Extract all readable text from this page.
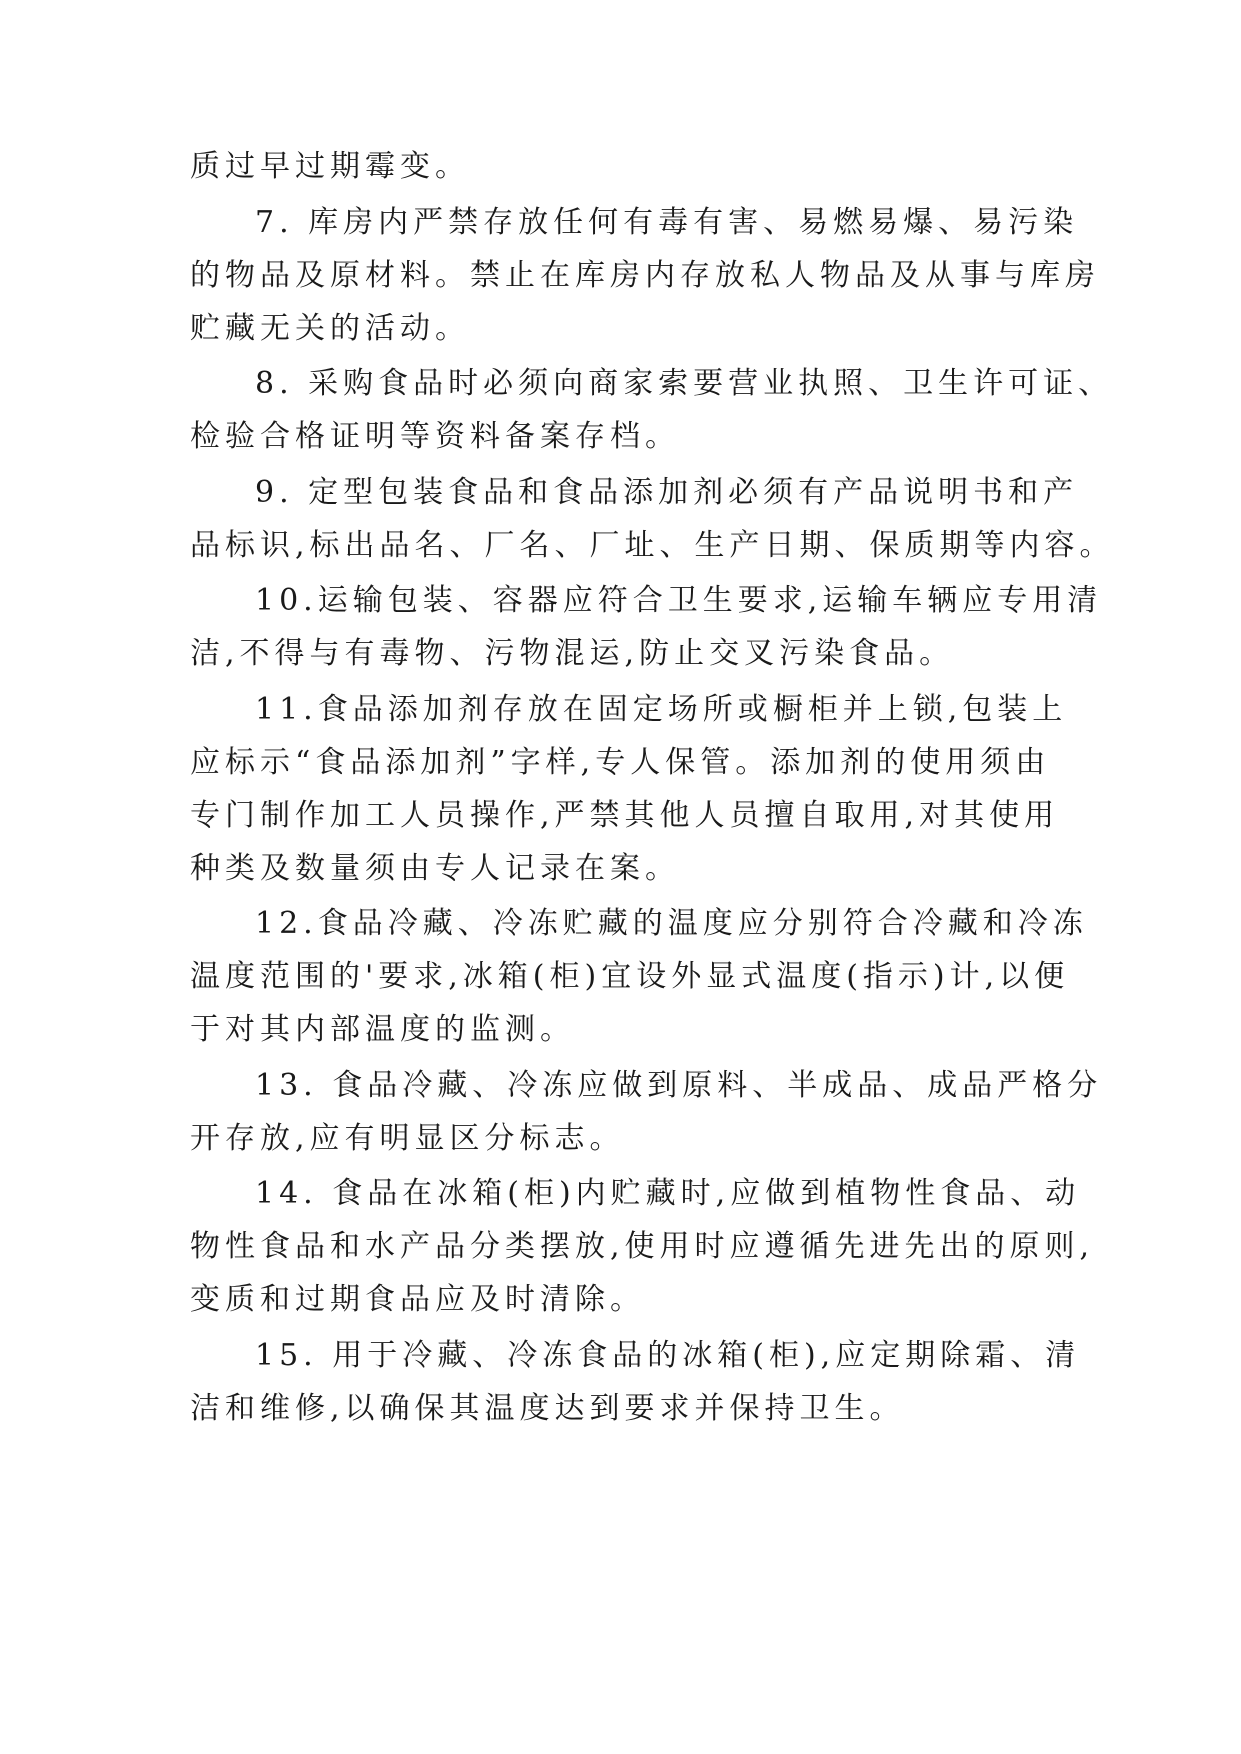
质过早过期霉变。
7. 库房内严禁存放任何有毒有害、易燃易爆、易污染
的物品及原材料。禁止在库房内存放私人物品及从事与库房
贮藏无关的活动。
8. 采购食品时必须向商家索要营业执照、卫生许可证、
检验合格证明等资料备案存档。
9. 定型包装食品和食品添加剂必须有产品说明书和产
品标识,标出品名、厂名、厂址、生产日期、保质期等内容。
10.运输包装、容器应符合卫生要求,运输车辆应专用清
洁,不得与有毒物、污物混运,防止交叉污染食品。
11.食品添加剂存放在固定场所或橱柜并上锁,包装上
应标示“食品添加剂”字样,专人保管。添加剂的使用须由
专门制作加工人员操作,严禁其他人员擅自取用,对其使用
种类及数量须由专人记录在案。
12.食品冷藏、冷冻贮藏的温度应分别符合冷藏和冷冻
温度范围的'要求,冰箱(柜)宜设外显式温度(指示)计,以便
于对其内部温度的监测。
13. 食品冷藏、冷冻应做到原料、半成品、成品严格分
开存放,应有明显区分标志。
14. 食品在冰箱(柜)内贮藏时,应做到植物性食品、动
物性食品和水产品分类摆放,使用时应遵循先进先出的原则,
变质和过期食品应及时清除。
15. 用于冷藏、冷冻食品的冰箱(柜),应定期除霜、清
洁和维修,以确保其温度达到要求并保持卫生。
